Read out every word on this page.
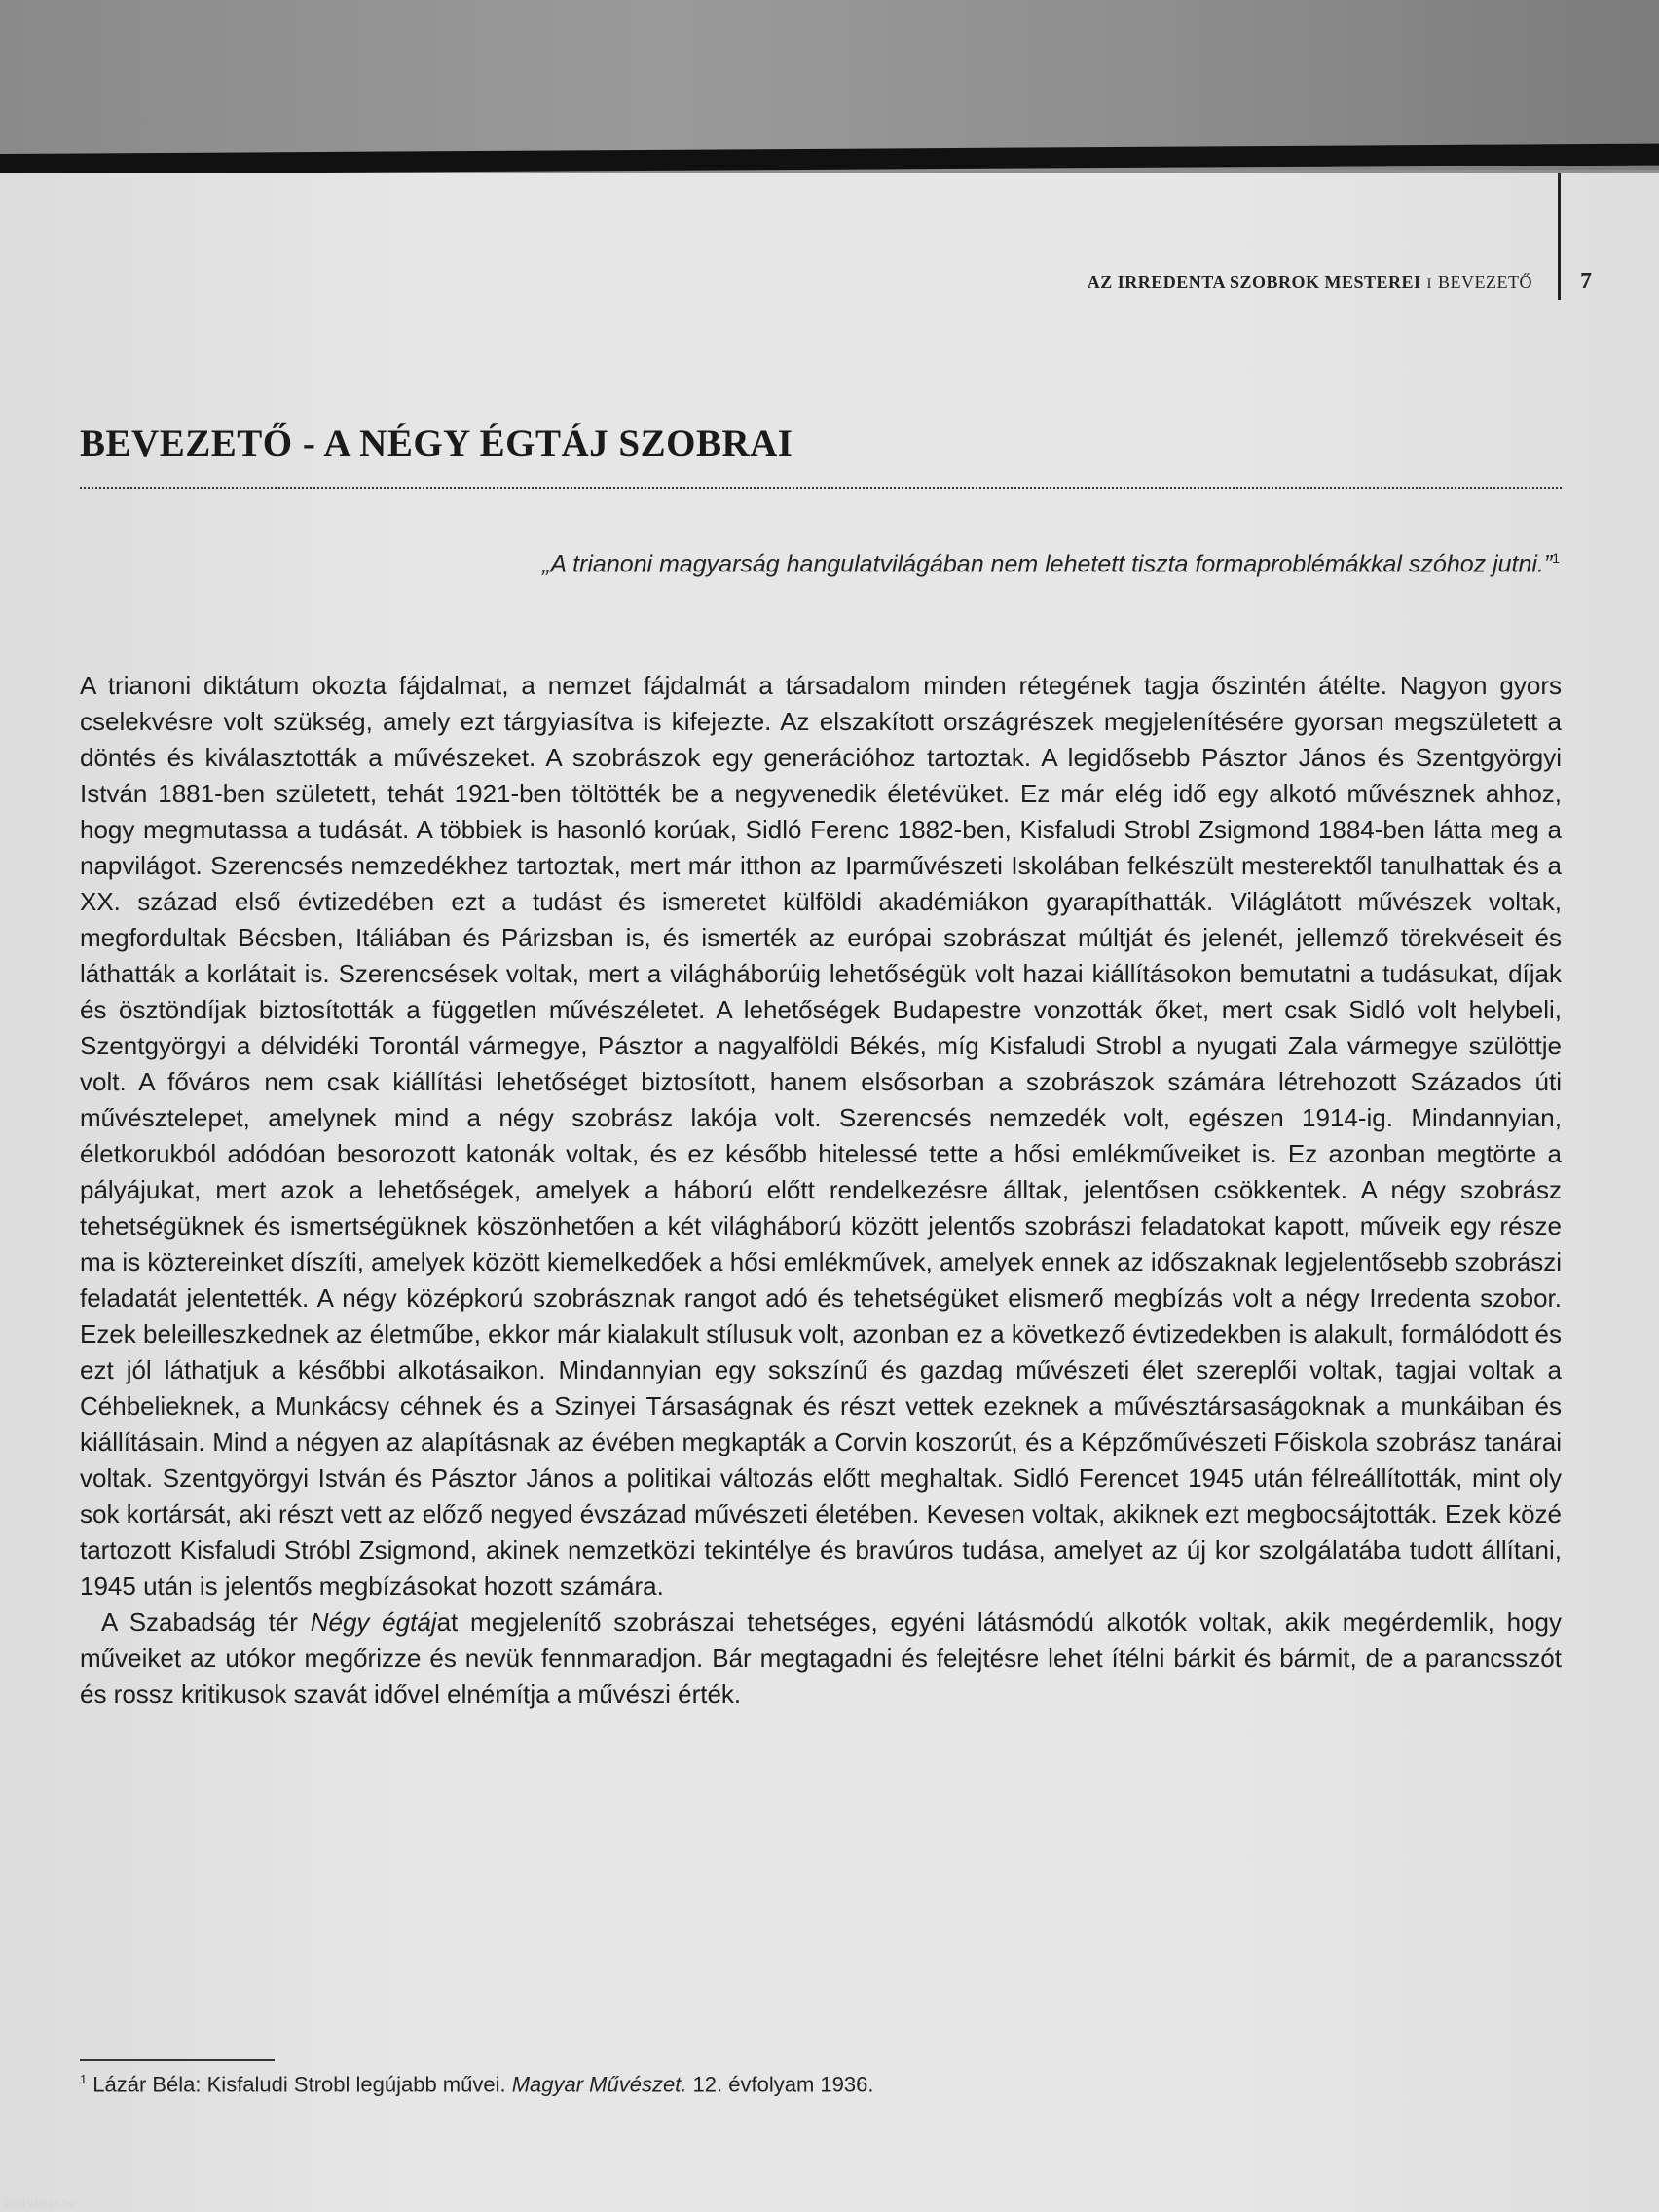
AZ IRREDENTA SZOBROK MESTEREI I BEVEZETŐ 7
BEVEZETŐ - A NÉGY ÉGTÁJ SZOBRAI
„A trianoni magyarság hangulatvilágában nem lehetett tiszta formaproblémákkal szóhoz jutni.”$^1$

A trianoni diktátum okozta fájdalmat, a nemzet fájdalmát a társadalom minden rétegének tagja őszintén átélte. Nagyon gyors cselekvésre volt szükség, amely ezt tárgyiasítva is kifejezte. Az elszakított országrészek megjelenítésére gyorsan megszületett a döntés és kiválasztották a művészeket. A szobrászok egy generációhoz tartoztak. A legidősebb Pásztor János és Szentgyörgyi István 1881-ben született, tehát 1921-ben töltötték be a negyvenedik életévüket. Ez már elég idő egy alkotó művésznek ahhoz, hogy megmutassa a tudását. A többiek is hasonló korúak, Sidló Ferenc 1882-ben, Kisfaludi Strobl Zsigmond 1884-ben látta meg a napvilágot. Szerencsés nemzedékhez tartoztak, mert már itthon az Iparművészeti Iskolában felkészült mesterektől tanulhattak és a XX. század első évtizedében ezt a tudást és ismeretet külföldi akadémiákon gyarapíthatták. Világlátott művészek voltak, megfordultak Bécsben, Itáliában és Párizsban is, és ismerték az európai szobrászat múltját és jelenét, jellemző törekvéseit és láthatták a korlátait is. Szerencsések voltak, mert a világháborúig lehetőségük volt hazai kiállításokon bemutatni a tudásukat, díjak és ösztöndíjak biztosították a független művészéletet. A lehetőségek Budapestre vonzották őket, mert csak Sidló volt helybeli, Szentgyörgyi a délvidéki Torontál vármegye, Pásztor a nagyalföldi Békés, míg Kisfaludi Strobl a nyugati Zala vármegye szülöttje volt. A főváros nem csak kiállítási lehetőséget biztosított, hanem elsősorban a szobrászok számára létrehozott Százados úti művésztelepet, amelynek mind a négy szobrász lakója volt. Szerencsés nemzedék volt, egészen 1914-ig. Mindannyian, életkorukból adódóan besorozott katonák voltak, és ez később hitelessé tette a hősi emlékműveiket is. Ez azonban megtörte a pályájukat, mert azok a lehetőségek, amelyek a háború előtt rendelkezésre álltak, jelentősen csökkentek. A négy szobrász tehetségüknek és ismertségüknek köszönhetően a két világháború között jelentős szobrászi feladatokat kapott, műveik egy része ma is köztereinket díszíti, amelyek között kiemelkedőek a hősi emlékművek, amelyek ennek az időszaknak legjelentősebb szobrászi feladatát jelentették. A négy középkorú szobrásznak rangot adó és tehetségüket elismerő megbízás volt a négy Irredenta szobor. Ezek beleilleszkednek az életműbe, ekkor már kialakult stílusuk volt, azonban ez a következő évtizedekben is alakult, formálódott és ezt jól láthatjuk a későbbi alkotásaikon. Mindannyian egy sokszínű és gazdag művészeti élet szereplői voltak, tagjai voltak a Céhbelieknek, a Munkácsy céhnek és a Szinyei Társaságnak és részt vettek ezeknek a művésztársaságoknak a munkáiban és kiállításain. Mind a négyen az alapításnak az évében megkapták a Corvin koszorút, és a Képzőművészeti Főiskola szobrász tanárai voltak. Szentgyörgyi István és Pásztor János a politikai változás előtt meghaltak. Sidló Ferencet 1945 után félreállították, mint oly sok kortársát, aki részt vett az előző negyed évszázad művészeti életében. Kevesen voltak, akiknek ezt megbocsájtották. Ezek közé tartozott Kisfaludi Stróbl Zsigmond, akinek nemzetközi tekintélye és bravúros tudása, amelyet az új kor szolgálatába tudott állítani, 1945 után is jelentős megbízásokat hozott számára.

A Szabadság tér Négy égtájat megjelenítő szobrászai tehetséges, egyéni látásmódú alkotók voltak, akik megérdemlik, hogy műveiket az utókor megőrizze és nevük fennmaradjon. Bár megtagadni és felejtésre lehet ítélni bárkit és bármit, de a parancsszót és rossz kritikusok szavát idővel elnémítja a művészi érték.

$^1$ Lázár Béla: Kisfaludi Strobl legújabb művei. Magyar Művészet. 12. évfolyam 1936.
Antikvárium.hu
